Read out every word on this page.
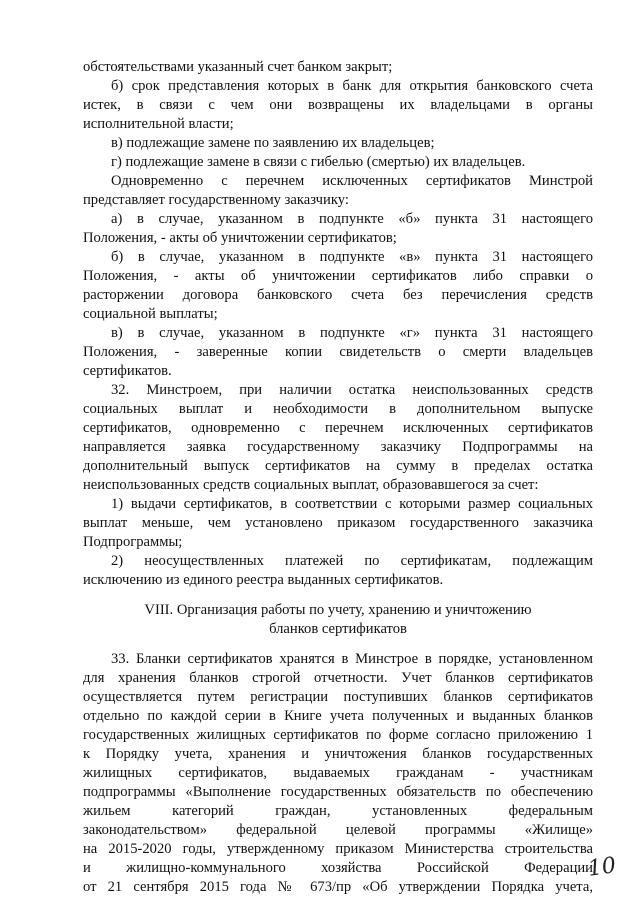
обстоятельствами указанный счет банком закрыт;
б) срок представления которых в банк для открытия банковского счета
истек, в связи с чем они возвращены их владельцами в органы
исполнительной власти;
в) подлежащие замене по заявлению их владельцев;
г) подлежащие замене в связи с гибелью (смертью) их владельцев.
Одновременно с перечнем исключенных сертификатов Минстрой
представляет государственному заказчику:
а) в случае, указанном в подпункте «б» пункта 31 настоящего
Положения, - акты об уничтожении сертификатов;
б) в случае, указанном в подпункте «в» пункта 31 настоящего
Положения, - акты об уничтожении сертификатов либо справки о
расторжении договора банковского счета без перечисления средств
социальной выплаты;
в) в случае, указанном в подпункте «г» пункта 31 настоящего
Положения, - заверенные копии свидетельств о смерти владельцев
сертификатов.
32. Минстроем, при наличии остатка неиспользованных средств
социальных выплат и необходимости в дополнительном выпуске
сертификатов, одновременно с перечнем исключенных сертификатов
направляется заявка государственному заказчику Подпрограммы на
дополнительный выпуск сертификатов на сумму в пределах остатка
неиспользованных средств социальных выплат, образовавшегося за счет:
1) выдачи сертификатов, в соответствии с которыми размер социальных
выплат меньше, чем установлено приказом государственного заказчика
Подпрограммы;
2) неосуществленных платежей по сертификатам, подлежащим
исключению из единого реестра выданных сертификатов.
VIII. Организация работы по учету, хранению и уничтожению
бланков сертификатов
33. Бланки сертификатов хранятся в Минстрое в порядке, установленном
для хранения бланков строгой отчетности. Учет бланков сертификатов
осуществляется путем регистрации поступивших бланков сертификатов
отдельно по каждой серии в Книге учета полученных и выданных бланков
государственных жилищных сертификатов по форме согласно приложению 1
к Порядку учета, хранения и уничтожения бланков государственных
жилищных сертификатов, выдаваемых гражданам - участникам
подпрограммы «Выполнение государственных обязательств по обеспечению
жильем категорий граждан, установленных федеральным
законодательством» федеральной целевой программы «Жилище»
на 2015-2020 годы, утвержденному приказом Министерства строительства
и жилищно-коммунального хозяйства Российской Федерации
от 21 сентября 2015 года № 673/пр «Об утверждении Порядка учета,
10
